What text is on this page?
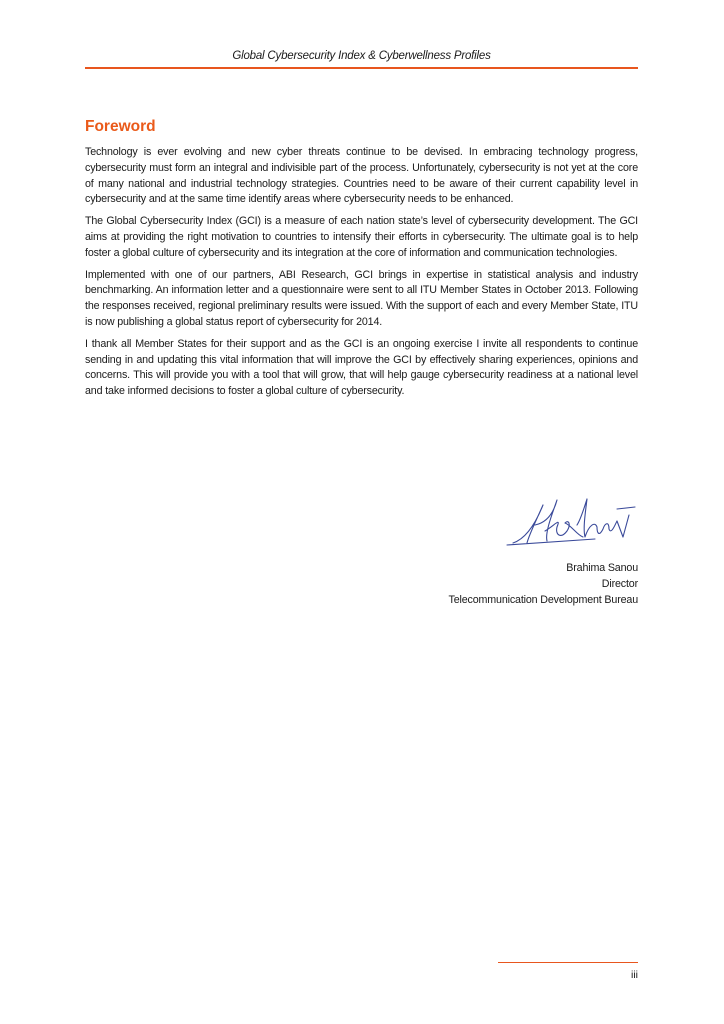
Global Cybersecurity Index & Cyberwellness Profiles
Foreword

Technology is ever evolving and new cyber threats continue to be devised. In embracing technology progress, cybersecurity must form an integral and indivisible part of the process. Unfortunately, cybersecurity is not yet at the core of many national and industrial technology strategies. Countries need to be aware of their current capability level in cybersecurity and at the same time identify areas where cybersecurity needs to be enhanced.

The Global Cybersecurity Index (GCI) is a measure of each nation state’s level of cybersecurity development. The GCI aims at providing the right motivation to countries to intensify their efforts in cybersecurity. The ultimate goal is to help foster a global culture of cybersecurity and its integration at the core of information and communication technologies.

Implemented with one of our partners, ABI Research, GCI brings in expertise in statistical analysis and industry benchmarking. An information letter and a questionnaire were sent to all ITU Member States in October 2013. Following the responses received, regional preliminary results were issued. With the support of each and every Member State, ITU is now publishing a global status report of cybersecurity for 2014.

I thank all Member States for their support and as the GCI is an ongoing exercise I invite all respondents to continue sending in and updating this vital information that will improve the GCI by effectively sharing experiences, opinions and concerns. This will provide you with a tool that will grow, that will help gauge cybersecurity readiness at a national level and take informed decisions to foster a global culture of cybersecurity.

Brahima Sanou
Director
Telecommunication Development Bureau
iii
